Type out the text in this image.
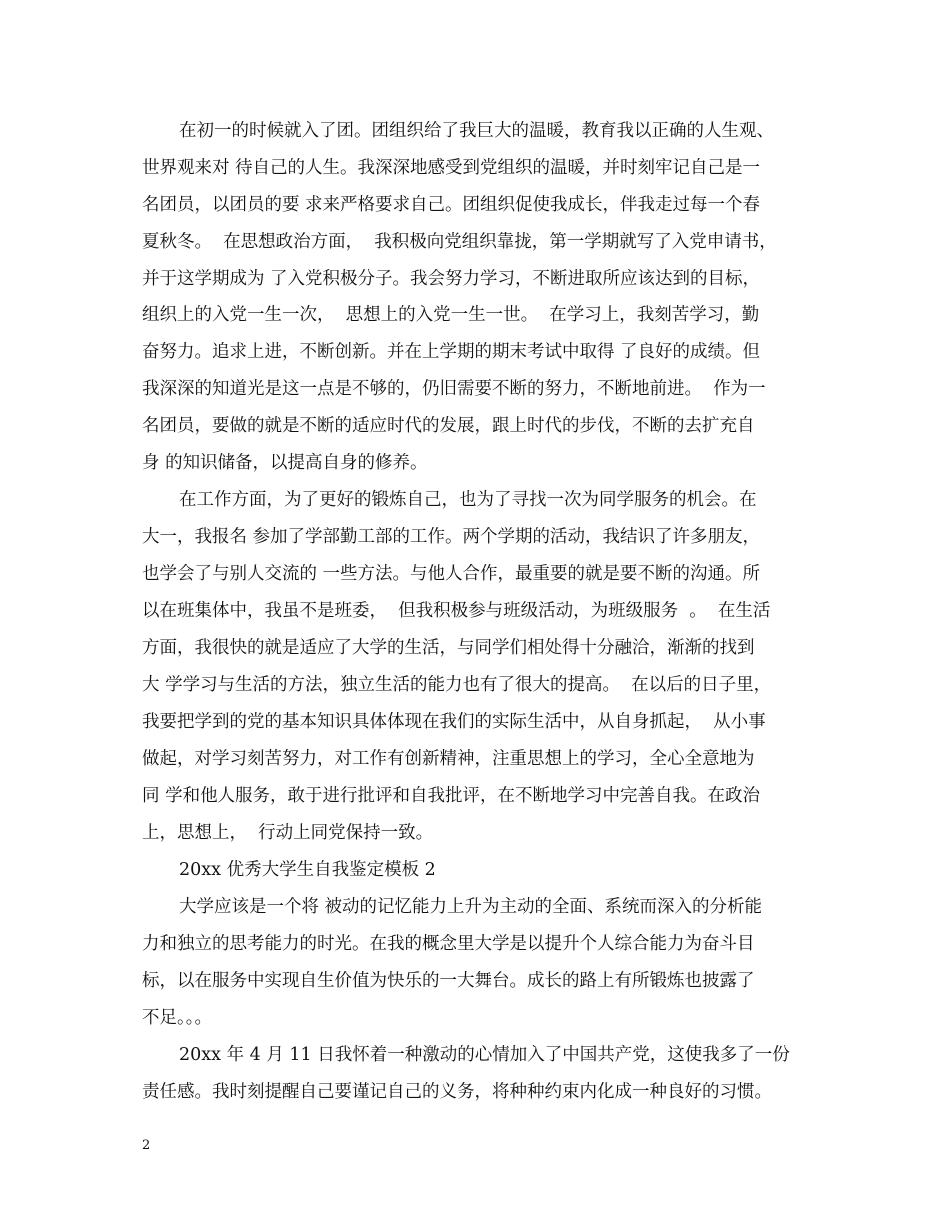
在初一的时候就入了团。团组织给了我巨大的温暖，教育我以正确的人生观、
世界观来对 待自己的人生。我深深地感受到党组织的温暖，并时刻牢记自己是一
名团员，以团员的要 求来严格要求自己。团组织促使我成长，伴我走过每一个春
夏秋冬。  在思想政治方面，  我积极向党组织靠拢，第一学期就写了入党申请书，
并于这学期成为 了入党积极分子。我会努力学习，不断进取所应该达到的目标，
组织上的入党一生一次，  思想上的入党一生一世。  在学习上，我刻苦学习，勤
奋努力。追求上进，不断创新。并在上学期的期末考试中取得 了良好的成绩。但
我深深的知道光是这一点是不够的，仍旧需要不断的努力，不断地前进。  作为一
名团员，要做的就是不断的适应时代的发展，跟上时代的步伐，不断的去扩充自
身 的知识储备，以提高自身的修养。
在工作方面，为了更好的锻炼自己，也为了寻找一次为同学服务的机会。在
大一，我报名 参加了学部勤工部的工作。两个学期的活动，我结识了许多朋友，
也学会了与别人交流的 一些方法。与他人合作，最重要的就是要不断的沟通。所
以在班集体中，我虽不是班委，  但我积极参与班级活动，为班级服务  。  在生活
方面，我很快的就是适应了大学的生活，与同学们相处得十分融洽，渐渐的找到
大 学学习与生活的方法，独立生活的能力也有了很大的提高。  在以后的日子里，
我要把学到的党的基本知识具体体现在我们的实际生活中，从自身抓起，  从小事
做起，对学习刻苦努力，对工作有创新精神，注重思想上的学习，全心全意地为
同 学和他人服务，敢于进行批评和自我批评，在不断地学习中完善自我。在政治
上，思想上，  行动上同党保持一致。
20xx 优秀大学生自我鉴定模板 2
大学应该是一个将 被动的记忆能力上升为主动的全面、系统而深入的分析能
力和独立的思考能力的时光。在我的概念里大学是以提升个人综合能力为奋斗目
标，以在服务中实现自生价值为快乐的一大舞台。成长的路上有所锻炼也披露了
不足。。。
20xx 年 4 月 11 日我怀着一种激动的心情加入了中国共产党，这使我多了一份
责任感。我时刻提醒自己要谨记自己的义务，将种种约束内化成一种良好的习惯。
2
